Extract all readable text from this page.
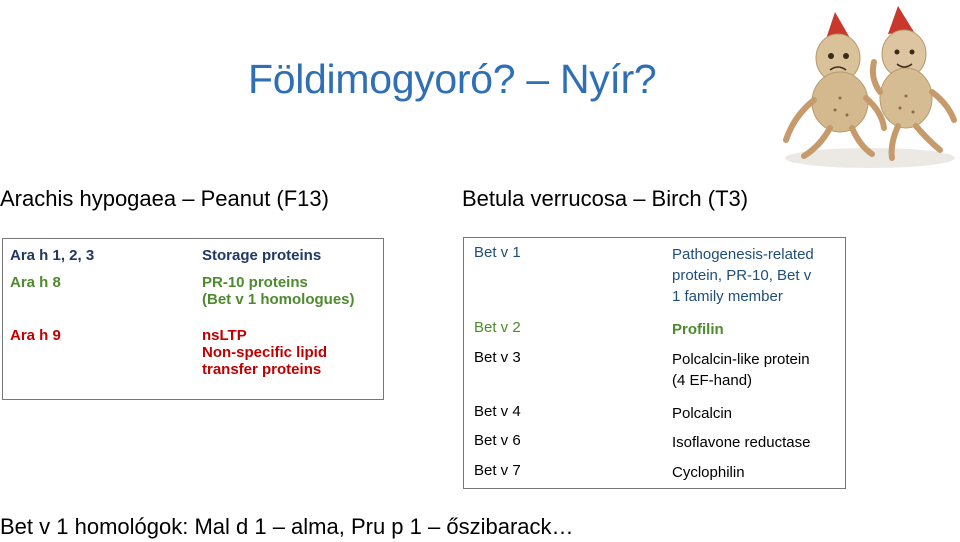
Földimogyoró? – Nyír?
Arachis hypogaea – Peanut (F13)	Betula verrucosa – Birch (T3)
Ara h 1, 2, 3	Storage proteins

Ara h 8	PR-10 proteins
(Bet v 1 homologues)

Ara h 9	nsLTP
Non-specific lipid
transfer proteins
Bet v 1	Pathogenesis-related
protein, PR-10, Bet v
1 family member

Bet v 2	Profilin

Bet v 3	Polcalcin-like protein
(4 EF-hand)

Bet v 4	Polcalcin

Bet v 6	Isoflavone reductase

Bet v 7	Cyclophilin

Bet v 1 homológok: Mal d 1 – alma, Pru p 1 – őszibarack…
